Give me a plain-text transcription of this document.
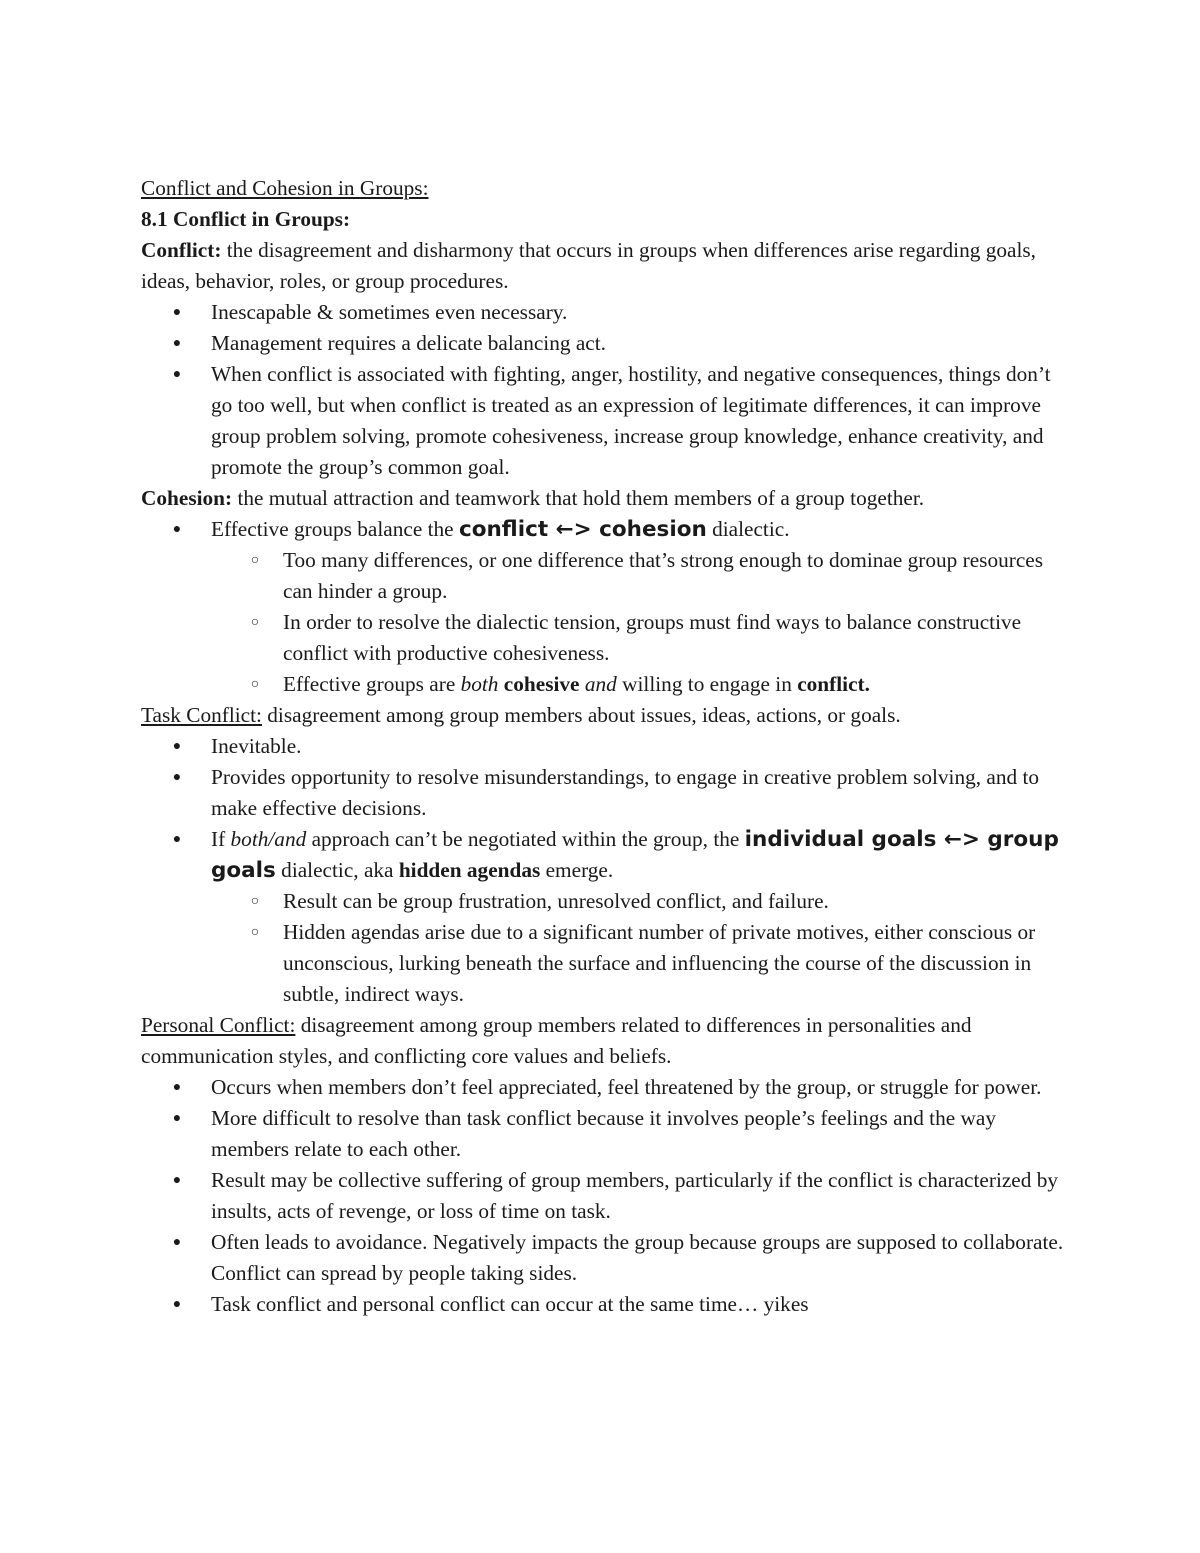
Conflict and Cohesion in Groups:

8.1 Conflict in Groups:

Conflict: the disagreement and disharmony that occurs in groups when differences arise regarding goals, ideas, behavior, roles, or group procedures.

● Inescapable & sometimes even necessary.
● Management requires a delicate balancing act.
● When conflict is associated with fighting, anger, hostility, and negative consequences, things don’t go too well, but when conflict is treated as an expression of legitimate differences, it can improve group problem solving, promote cohesiveness, increase group knowledge, enhance creativity, and promote the group’s common goal.

Cohesion: the mutual attraction and teamwork that hold them members of a group together.

● Effective groups balance the conflict ←> cohesion dialectic.
○ Too many differences, or one difference that’s strong enough to dominae group resources can hinder a group.
○ In order to resolve the dialectic tension, groups must find ways to balance constructive conflict with productive cohesiveness.
○ Effective groups are both cohesive and willing to engage in conflict.

Task Conflict: disagreement among group members about issues, ideas, actions, or goals.

● Inevitable.
● Provides opportunity to resolve misunderstandings, to engage in creative problem solving, and to make effective decisions.
● If both/and approach can’t be negotiated within the group, the individual goals ←> group goals dialectic, aka hidden agendas emerge.
○ Result can be group frustration, unresolved conflict, and failure.
○ Hidden agendas arise due to a significant number of private motives, either conscious or unconscious, lurking beneath the surface and influencing the course of the discussion in subtle, indirect ways.

Personal Conflict: disagreement among group members related to differences in personalities and communication styles, and conflicting core values and beliefs.

● Occurs when members don’t feel appreciated, feel threatened by the group, or struggle for power.
● More difficult to resolve than task conflict because it involves people’s feelings and the way members relate to each other.
● Result may be collective suffering of group members, particularly if the conflict is characterized by insults, acts of revenge, or loss of time on task.
● Often leads to avoidance. Negatively impacts the group because groups are supposed to collaborate. Conflict can spread by people taking sides.
● Task conflict and personal conflict can occur at the same time… yikes
